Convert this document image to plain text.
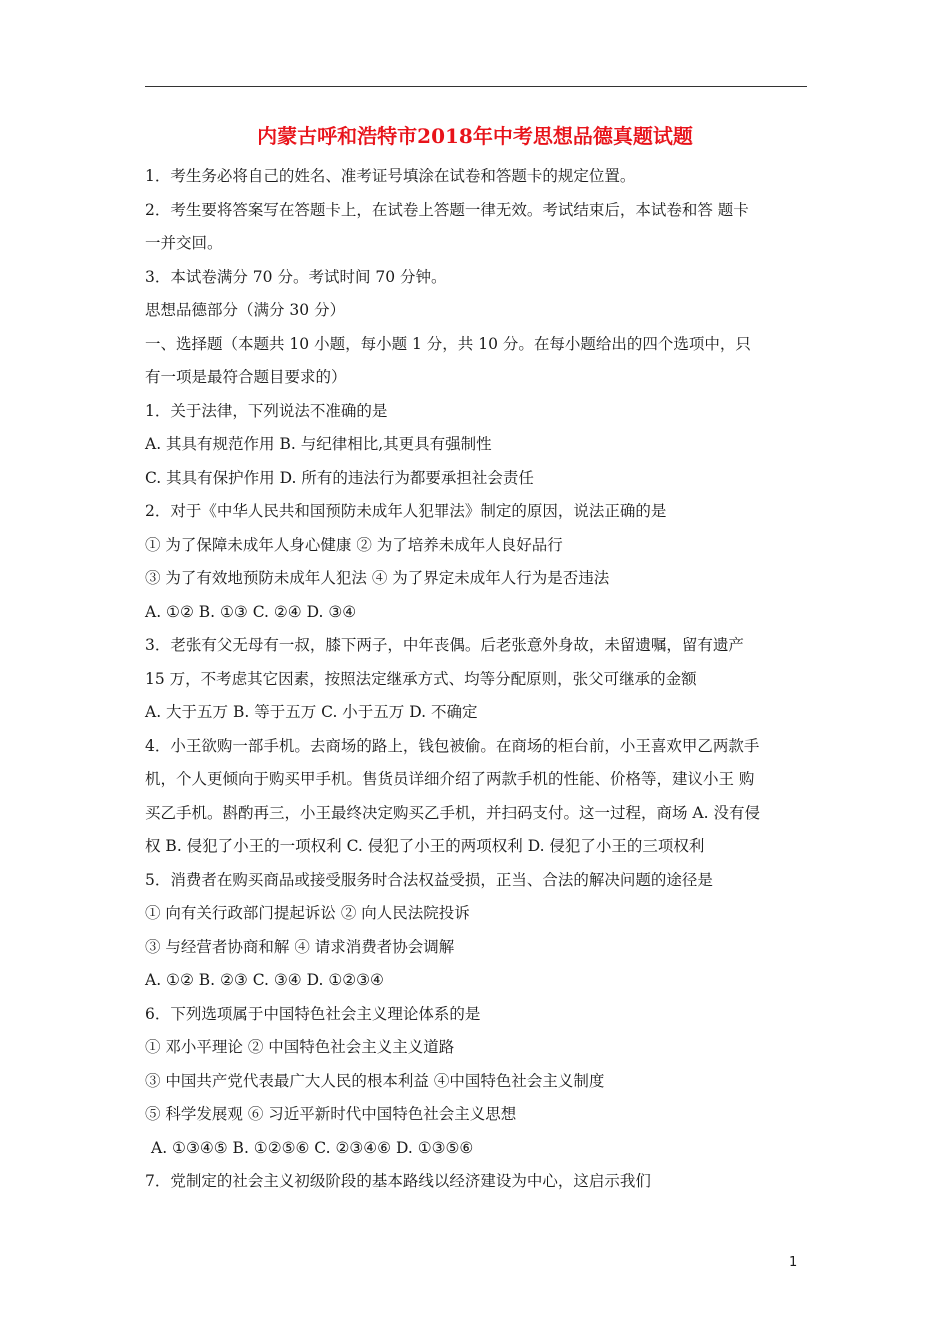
内蒙古呼和浩特市2018年中考思想品德真题试题

1．考生务必将自己的姓名、准考证号填涂在试卷和答题卡的规定位置。

2．考生要将答案写在答题卡上，在试卷上答题一律无效。考试结束后，本试卷和答 题卡

一并交回。

3．本试卷满分 70 分。考试时间 70 分钟。

思想品德部分（满分 30 分）

一、选择题（本题共 10 小题，每小题 1 分，共 10 分。在每小题给出的四个选项中，只

有一项是最符合题目要求的）

1．关于法律，下列说法不准确的是

A. 其具有规范作用 B. 与纪律相比,其更具有强制性

C. 其具有保护作用 D. 所有的违法行为都要承担社会责任

2．对于《中华人民共和国预防未成年人犯罪法》制定的原因，说法正确的是

① 为了保障未成年人身心健康 ② 为了培养未成年人良好品行

③ 为了有效地预防未成年人犯法 ④ 为了界定未成年人行为是否违法

A. ①② B. ①③ C. ②④ D. ③④

3．老张有父无母有一叔，膝下两子，中年丧偶。后老张意外身故，未留遗嘱，留有遗产

15 万，不考虑其它因素，按照法定继承方式、均等分配原则，张父可继承的金额

A. 大于五万 B. 等于五万 C. 小于五万 D. 不确定

4．小王欲购一部手机。去商场的路上，钱包被偷。在商场的柜台前，小王喜欢甲乙两款手

机，个人更倾向于购买甲手机。售货员详细介绍了两款手机的性能、价格等，建议小王 购

买乙手机。斟酌再三，小王最终决定购买乙手机，并扫码支付。这一过程，商场 A. 没有侵

权 B. 侵犯了小王的一项权利 C. 侵犯了小王的两项权利 D. 侵犯了小王的三项权利

5．消费者在购买商品或接受服务时合法权益受损，正当、合法的解决问题的途径是

① 向有关行政部门提起诉讼 ② 向人民法院投诉

③ 与经营者协商和解 ④ 请求消费者协会调解

A. ①② B. ②③ C. ③④ D. ①②③④

6．下列选项属于中国特色社会主义理论体系的是

① 邓小平理论 ② 中国特色社会主义主义道路

③ 中国共产党代表最广大人民的根本利益 ④中国特色社会主义制度

⑤ 科学发展观 ⑥ 习近平新时代中国特色社会主义思想

A. ①③④⑤ B. ①②⑤⑥ C. ②③④⑥ D. ①③⑤⑥

7．党制定的社会主义初级阶段的基本路线以经济建设为中心，这启示我们

1
